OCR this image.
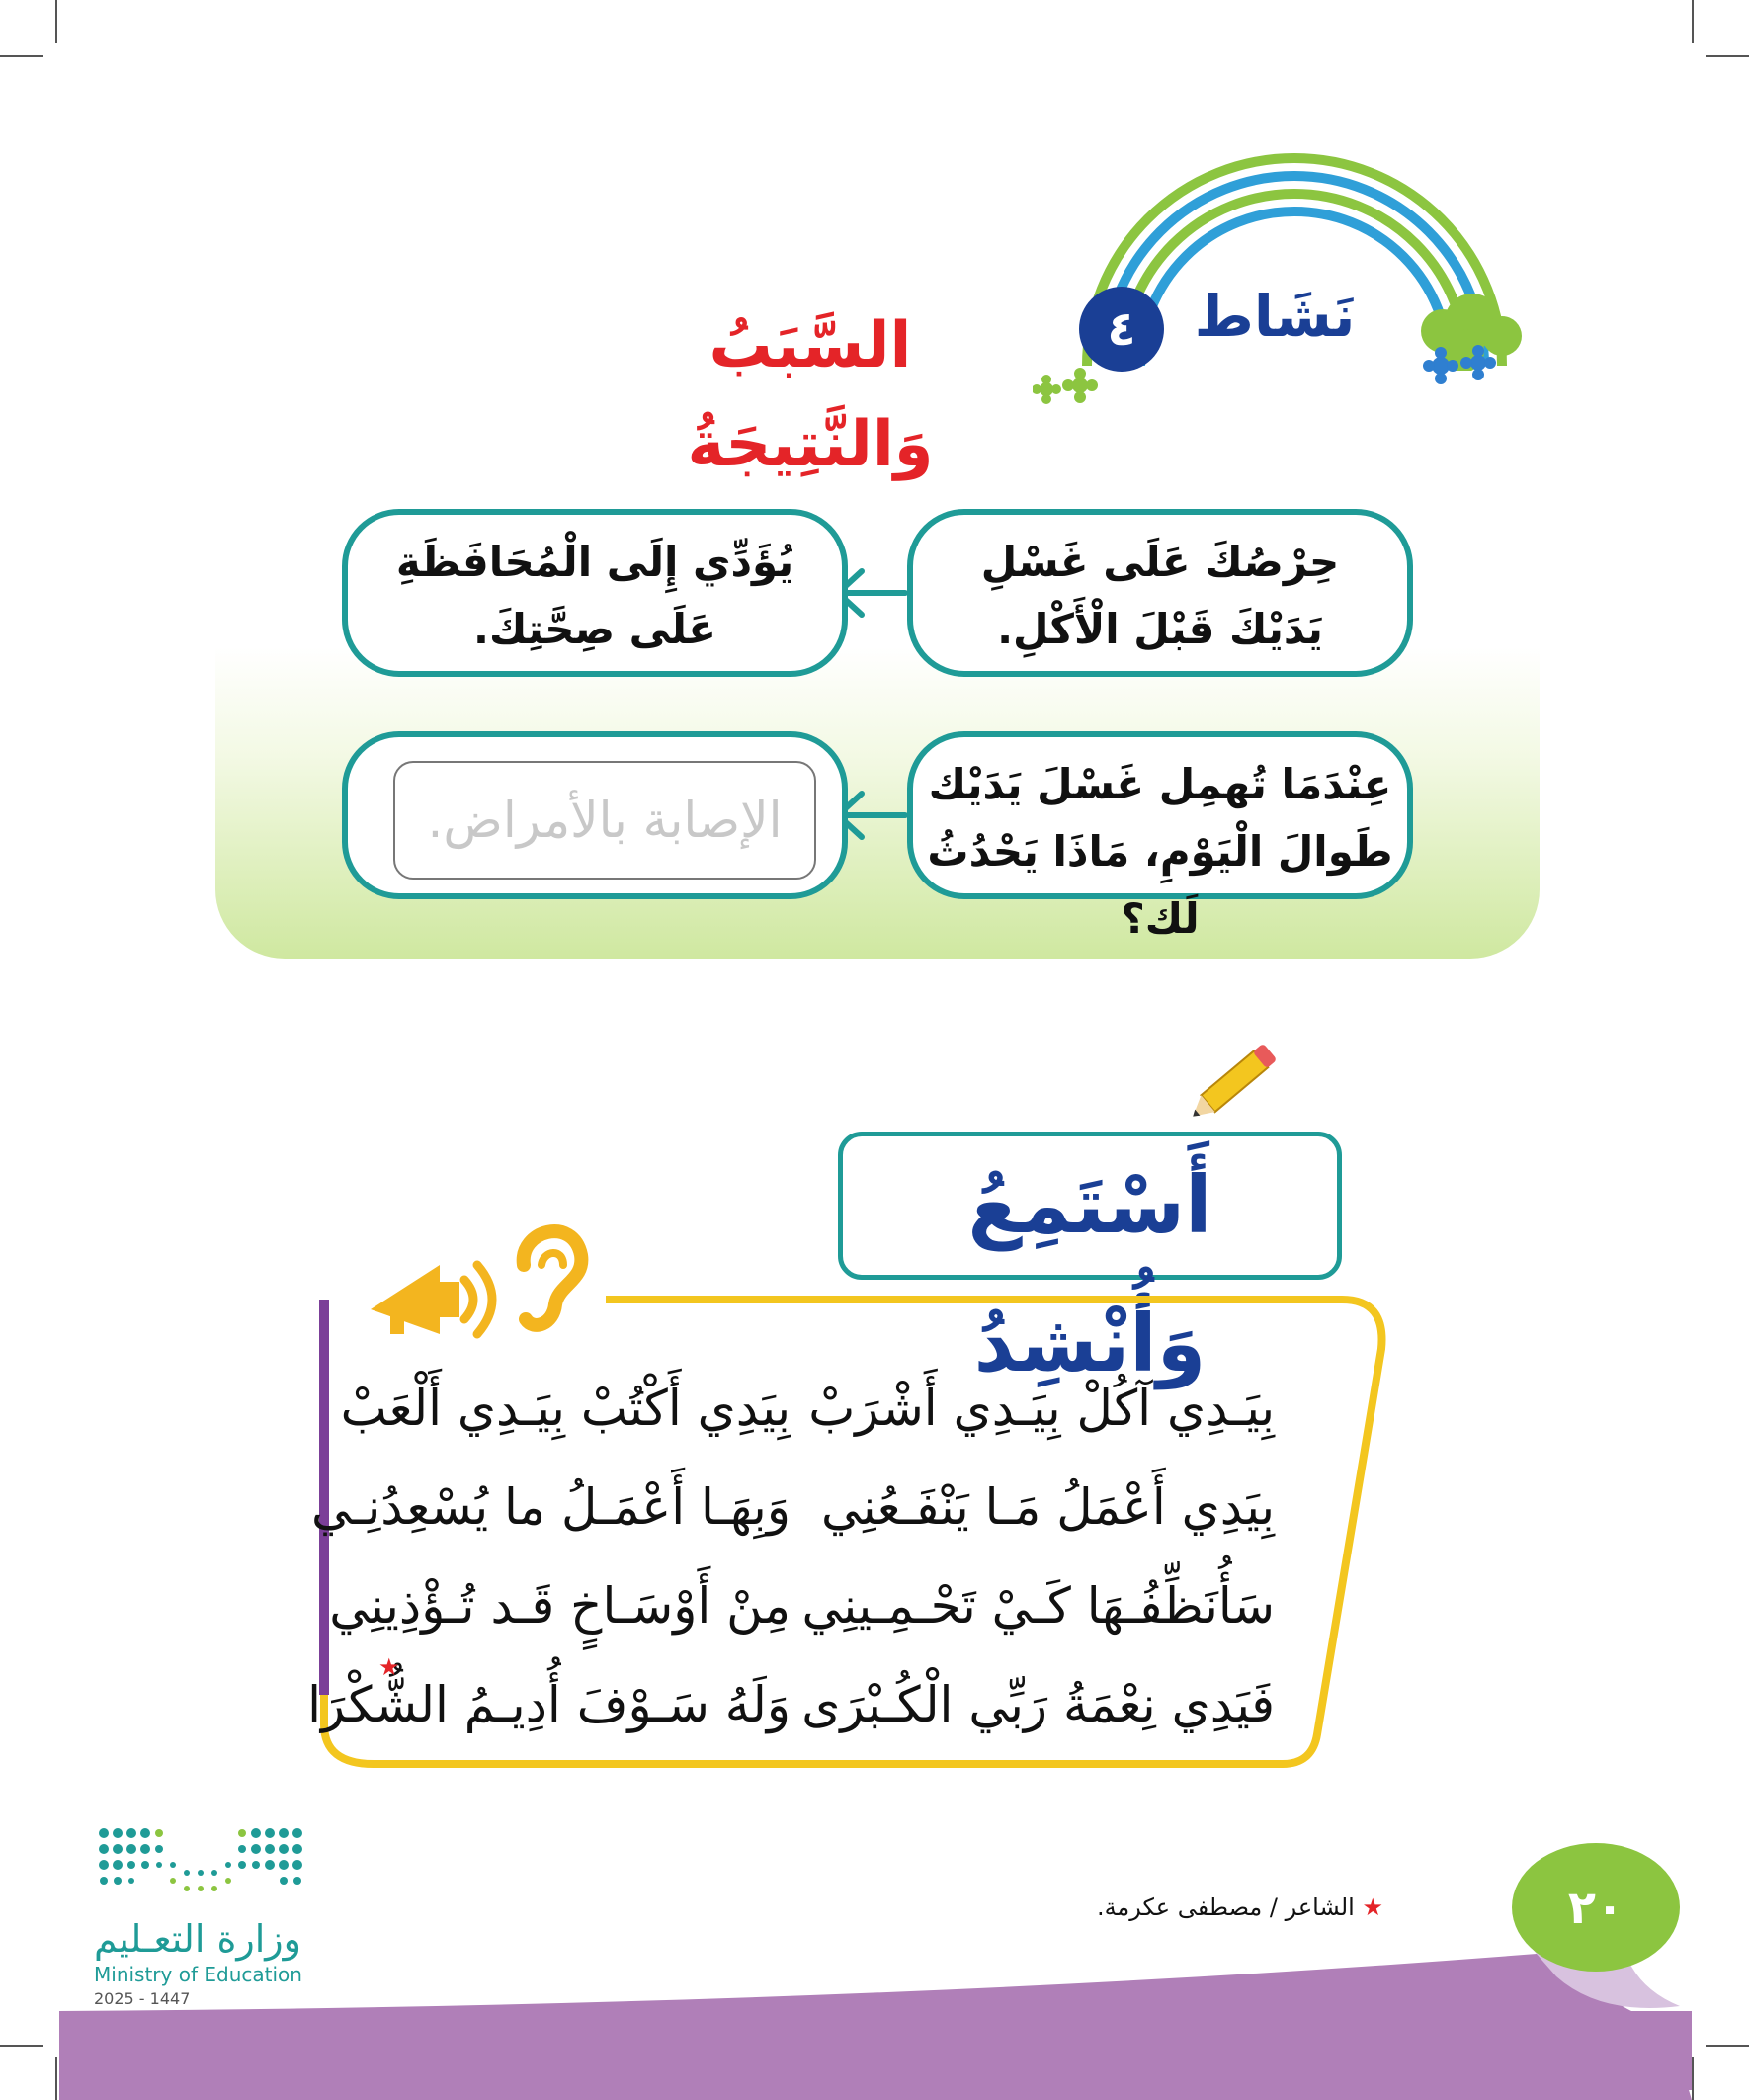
نَشَاط
٤
السَّبَبُ وَالنَّتِيجَةُ
حِرْصُكَ عَلَى غَسْلِ
يَدَيْكَ قَبْلَ الْأَكْلِ.
يُؤَدِّي إِلَى الْمُحَافَظَةِ
عَلَى صِحَّتِكَ.
عِنْدَمَا تُهمِل غَسْلَ يَدَيْك
طَوالَ الْيَوْمِ، مَاذَا يَحْدُثُ لَك؟
الإصابة بالأمراض.
أَسْتَمِعُ وَأُنْشِدُ
بِيَـدِي آكُلْ بِيَـدِي أَشْرَبْ
بِيَدِي أَكْتُبْ بِيَـدِي أَلْعَبْ
بِيَدِي أَعْمَلُ مَـا يَنْفَـعُنِي
وَبِهَـا أَعْمَـلُ ما يُسْعِدُنِـي
سَأُنَظِّفُـهَا كَـيْ تَحْـمِـينِي
مِنْ أَوْسَـاخٍ قَـد تُـؤْذِينِي
فَيَدِي نِعْمَةُ رَبِّي الْكُـبْرَى
وَلَهُ سَـوْفَ أُدِيـمُ الشُّكْرَا
★
★ الشاعر / مصطفى عكرمة.	٢٠
وزارة التعـليم
Ministry of Education
2025 - 1447
